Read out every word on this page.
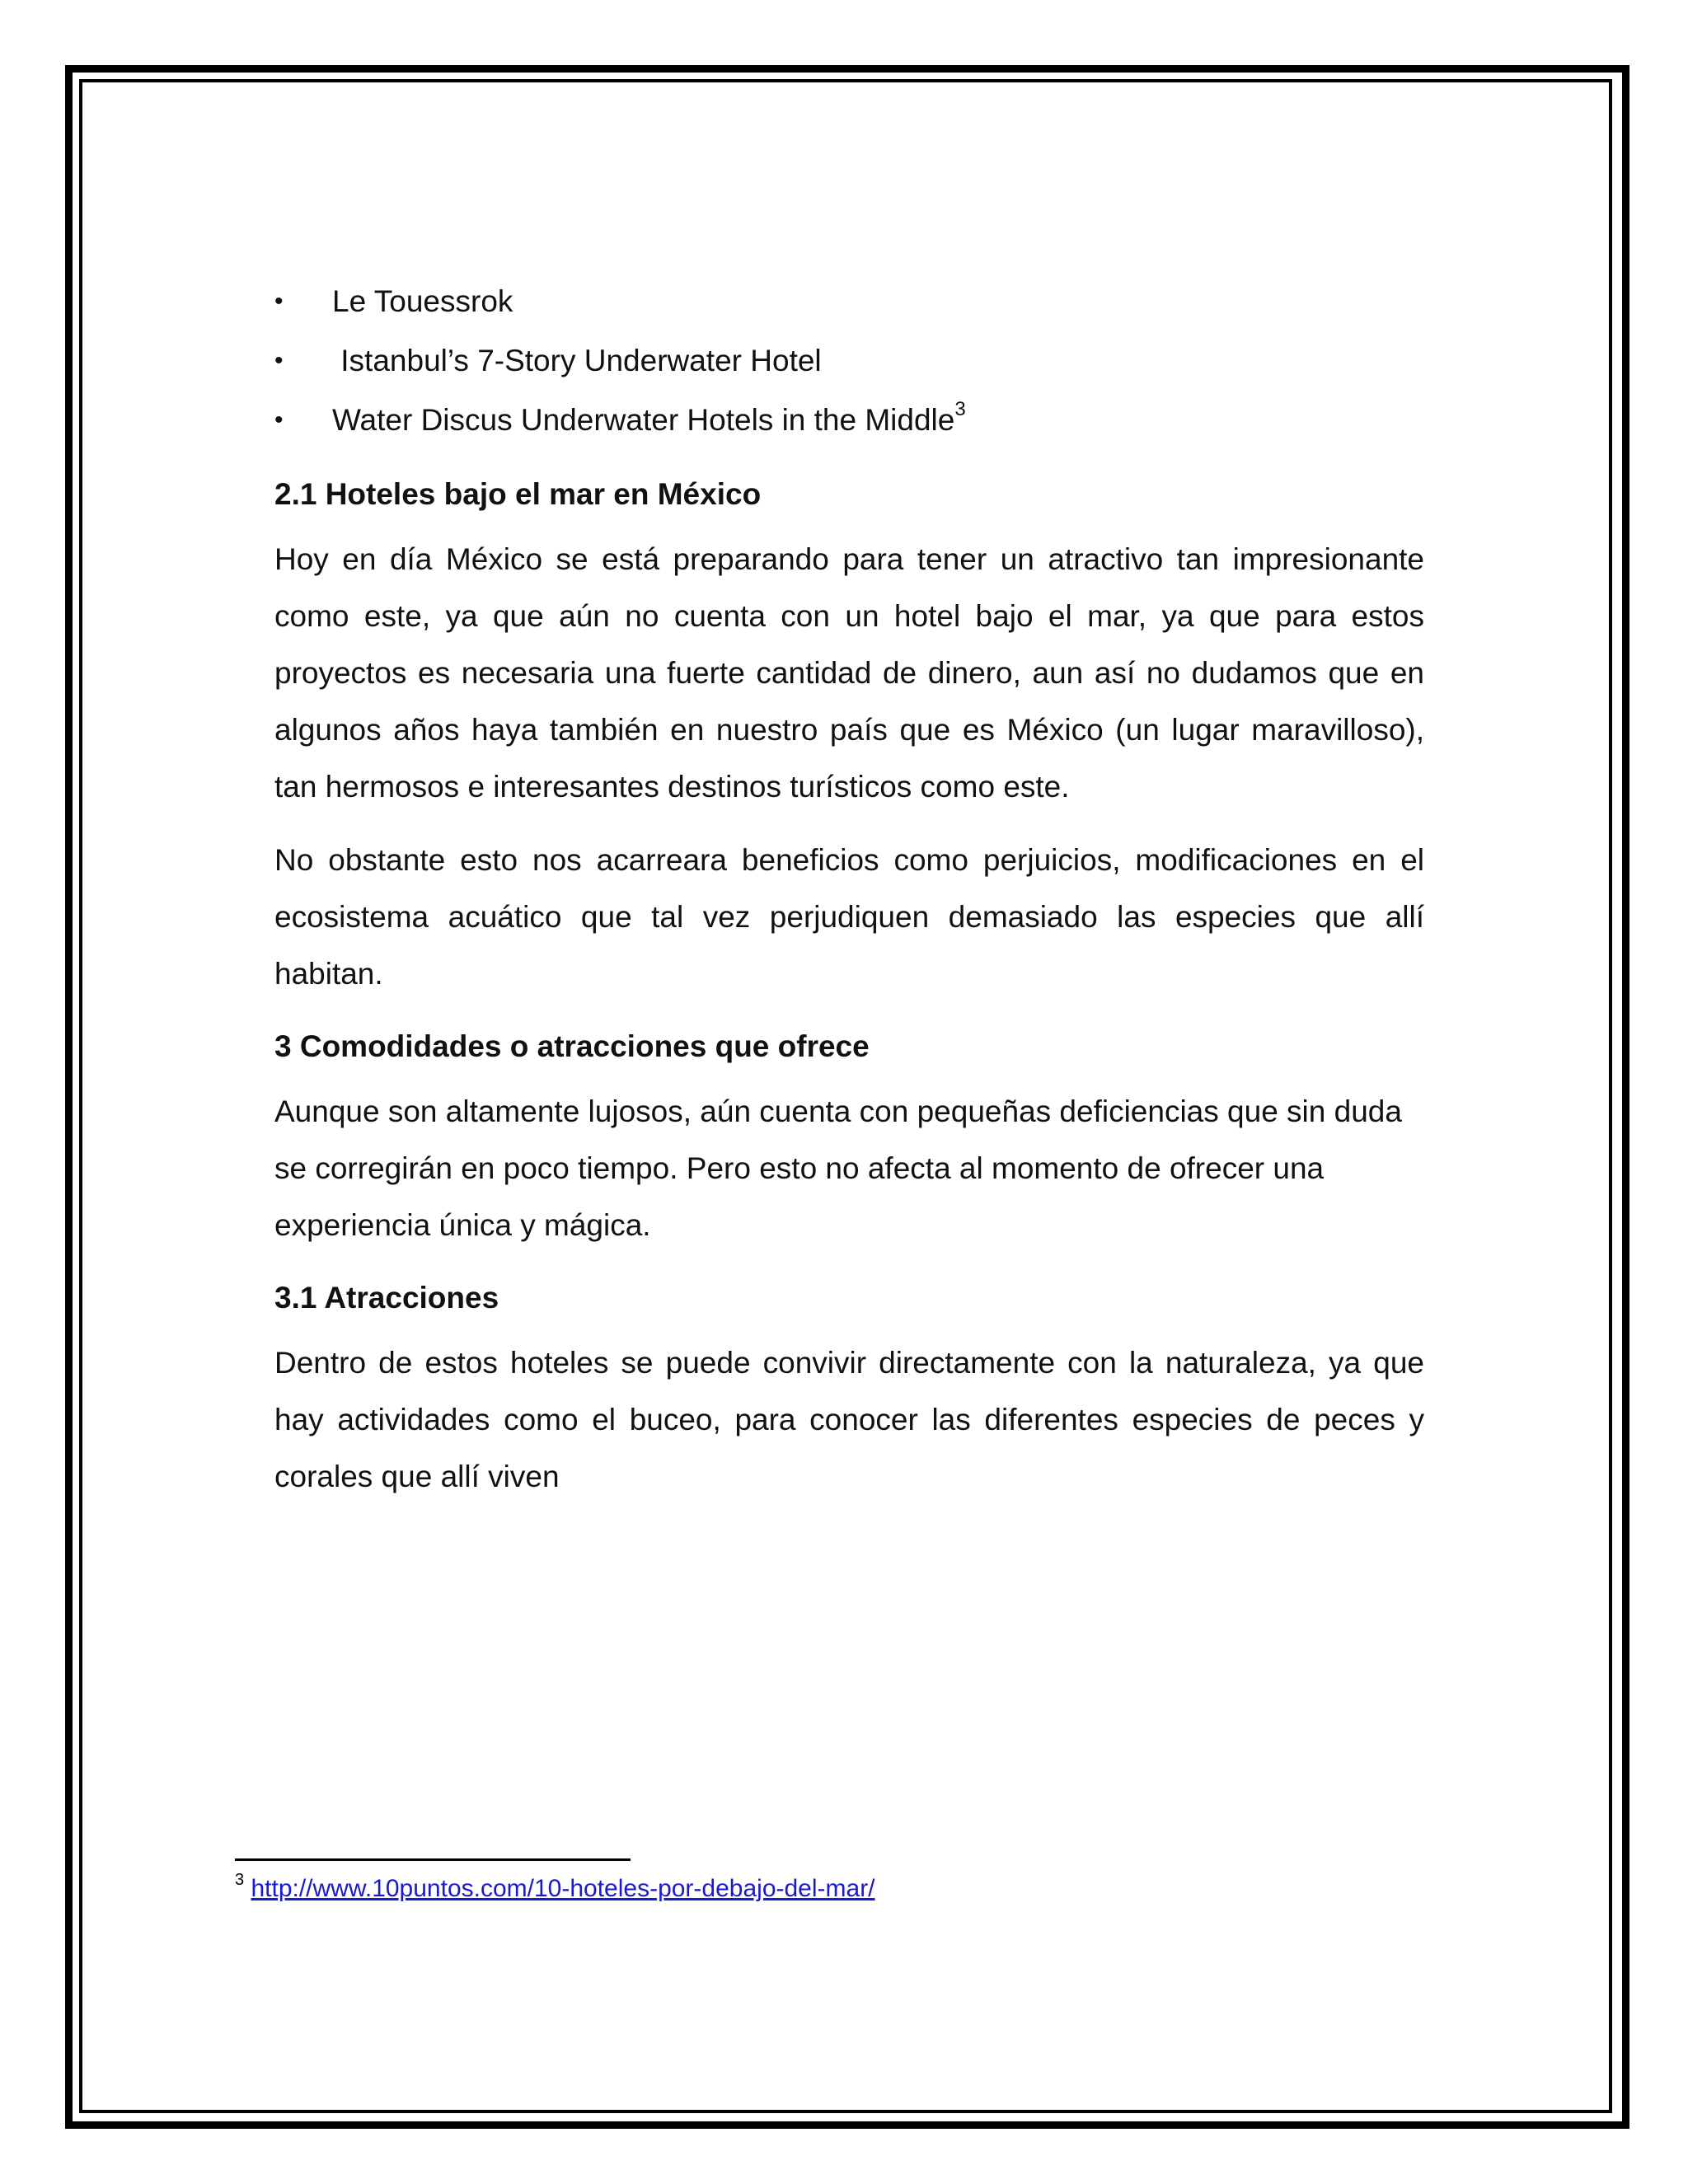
• Le Touessrok
• Istanbul’s 7-Story Underwater Hotel
• Water Discus Underwater Hotels in the Middle$^3$
2.1 Hoteles bajo el mar en México

Hoy en día México se está preparando para tener un atractivo tan impresionante como este, ya que aún no cuenta con un hotel bajo el mar, ya que para estos proyectos es necesaria una fuerte cantidad de dinero, aun así no dudamos que en algunos años haya también en nuestro país que es México (un lugar maravilloso), tan hermosos e interesantes destinos turísticos como este.

No obstante esto nos acarreara beneficios como perjuicios, modificaciones en el ecosistema acuático que tal vez perjudiquen demasiado las especies que allí habitan.

3 Comodidades o atracciones que ofrece

Aunque son altamente lujosos, aún cuenta con pequeñas deficiencias que sin duda se corregirán en poco tiempo. Pero esto no afecta al momento de ofrecer una experiencia única y mágica.

3.1 Atracciones

Dentro de estos hoteles se puede convivir directamente con la naturaleza, ya que hay actividades como el buceo, para conocer las diferentes especies de peces y corales que allí viven

$^3$ http://www.10puntos.com/10-hoteles-por-debajo-del-mar/
